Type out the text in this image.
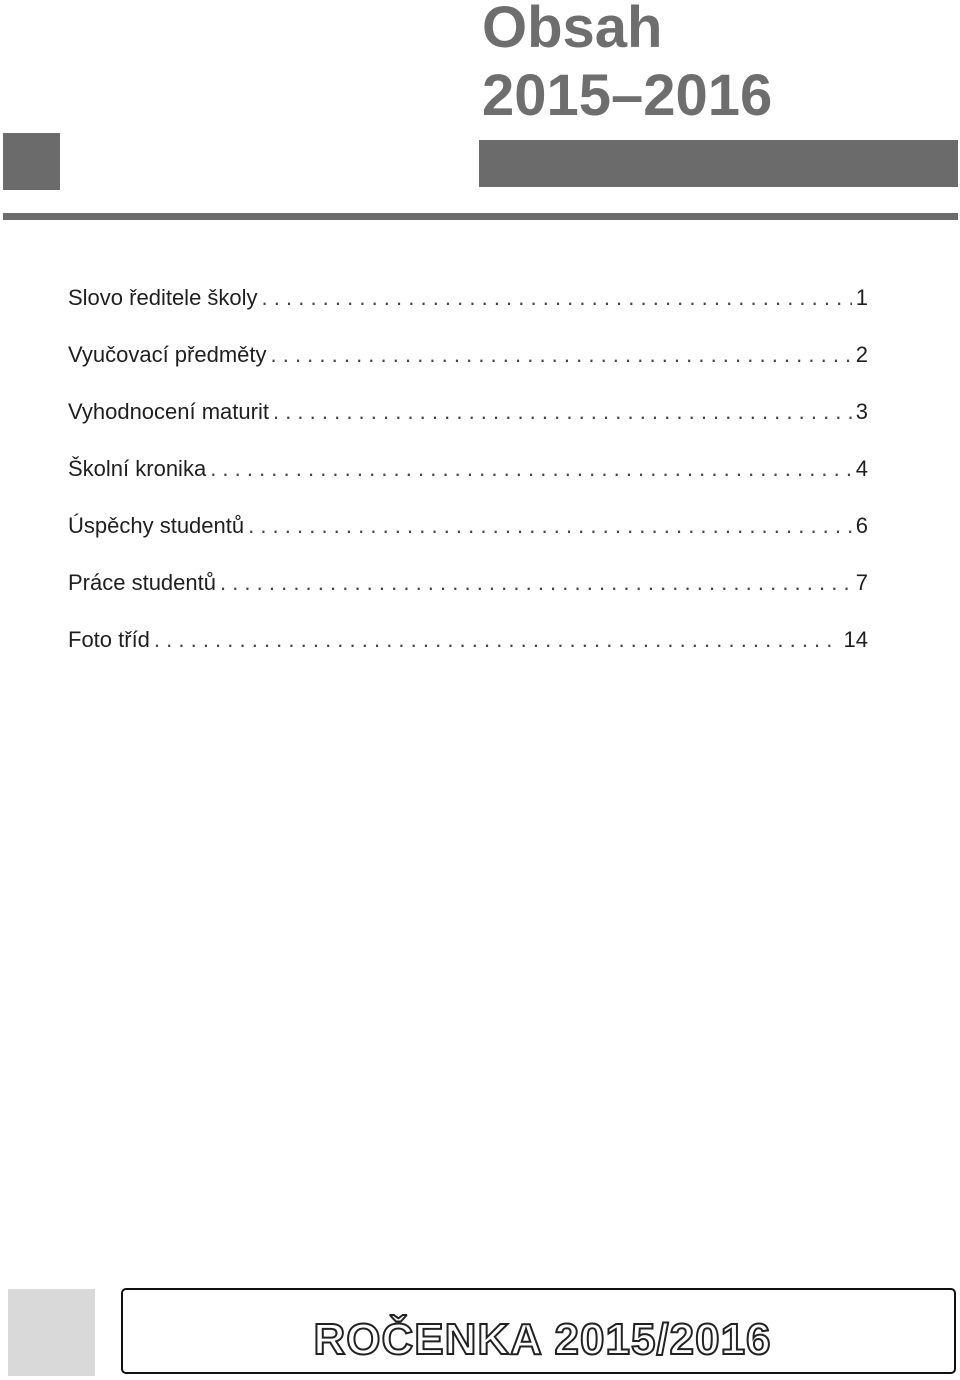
Obsah
2015–2016
Slovo ředitele školy . . .	1
Vyučovací předměty . . .	2
Vyhodnocení maturit . . .	3
Školní kronika . . .	4
Úspěchy studentů . . .	6
Práce studentů . . .	7
Foto tříd . . .	14
ROČENKA 2015/2016
